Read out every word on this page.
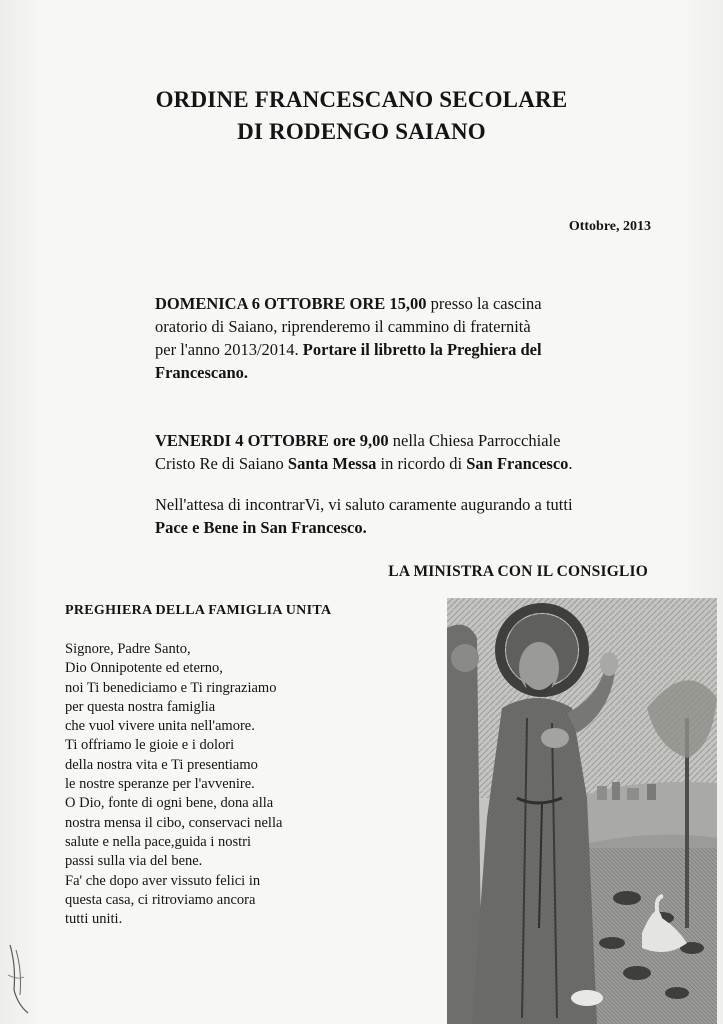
ORDINE FRANCESCANO SECOLARE
DI RODENGO SAIANO
Ottobre, 2013
DOMENICA 6 OTTOBRE ORE 15,00 presso la cascina
oratorio di Saiano, riprenderemo il cammino di fraternità
per l'anno 2013/2014. Portare il libretto la Preghiera del
Francescano.
VENERDI 4 OTTOBRE ore 9,00 nella Chiesa Parrocchiale
Cristo Re di Saiano Santa Messa in ricordo di San Francesco.
Nell'attesa di incontrarVi, vi saluto caramente augurando a tutti
Pace e Bene in San Francesco.
LA MINISTRA CON IL CONSIGLIO
PREGHIERA DELLA FAMIGLIA UNITA
Signore, Padre Santo,
Dio Onnipotente ed eterno,
noi Ti benediciamo e Ti ringraziamo
per questa nostra famiglia
che vuol vivere unita nell'amore.
Ti offriamo le gioie e i dolori
della nostra vita e Ti presentiamo
le nostre speranze per l'avvenire.
O Dio, fonte di ogni bene, dona alla
nostra mensa il cibo, conservaci nella
salute e nella pace,guida i nostri
passi sulla via del bene.
Fa' che dopo aver vissuto felici in
questa casa, ci ritroviamo ancora
tutti uniti.
